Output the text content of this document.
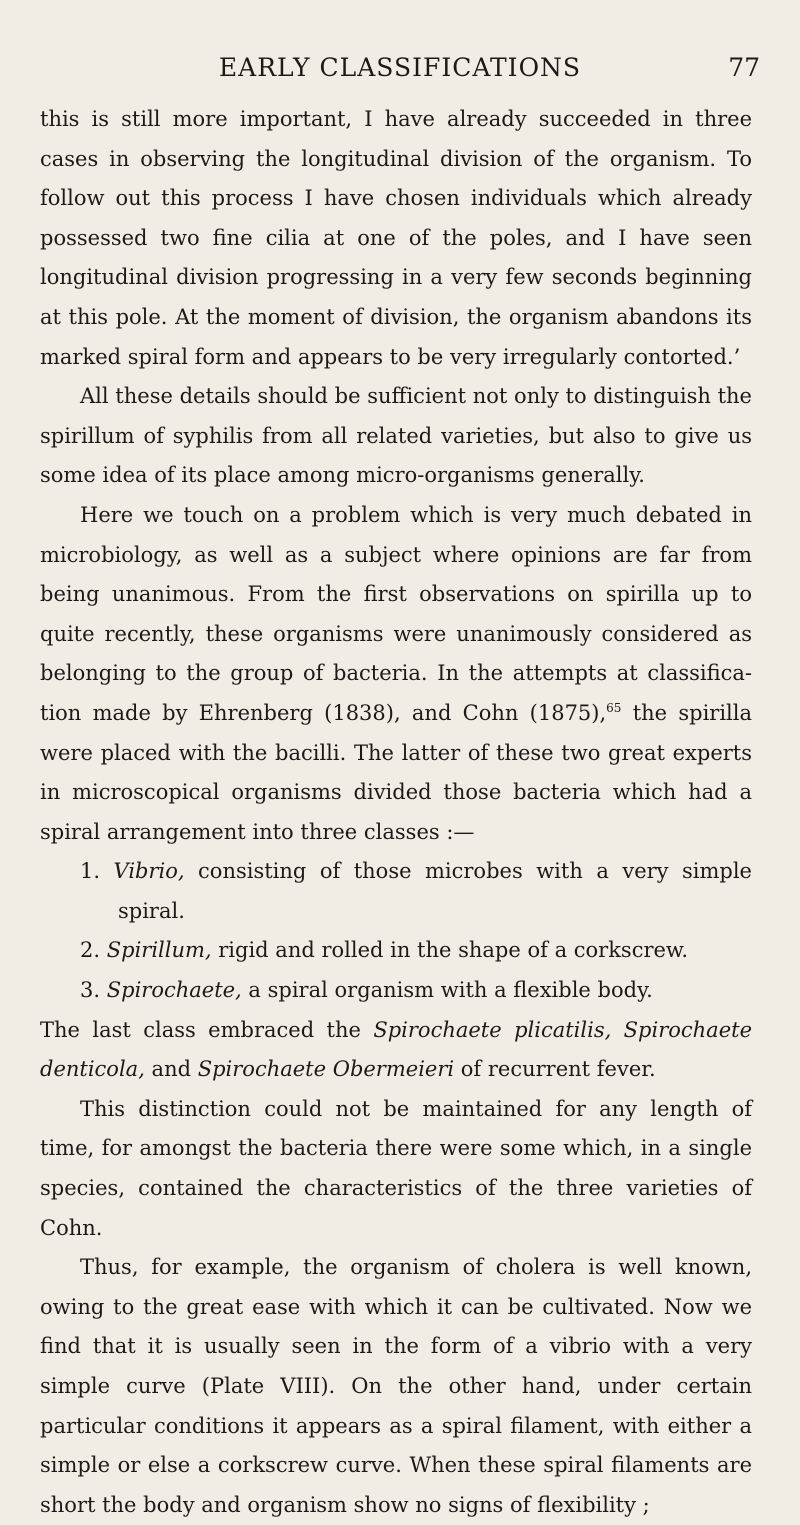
EARLY CLASSIFICATIONS	77

this is still more important, I have already succeeded in three cases in observing the longitudinal division of the organism. To follow out this process I have chosen individuals which already possessed two fine cilia at one of the poles, and I have seen longitudinal division progressing in a very few seconds beginning at this pole. At the moment of division, the organism abandons its marked spiral form and appears to be very irregularly contorted.’

All these details should be sufficient not only to distinguish the spirillum of syphilis from all related varieties, but also to give us some idea of its place among micro-organisms generally.

Here we touch on a problem which is very much debated in microbiology, as well as a subject where opinions are far from being unanimous. From the first observations on spirilla up to quite recently, these organisms were unanimously considered as belonging to the group of bacteria. In the attempts at classifica-tion made by Ehrenberg (1838), and Cohn (1875),$^{65}$ the spirilla were placed with the bacilli. The latter of these two great experts in microscopical organisms divided those bacteria which had a spiral arrangement into three classes :—

1. Vibrio, consisting of those microbes with a very simple spiral.

2. Spirillum, rigid and rolled in the shape of a corkscrew.

3. Spirochaete, a spiral organism with a flexible body.

The last class embraced the Spirochaete plicatilis, Spirochaete denticola, and Spirochaete Obermeieri of recurrent fever.

This distinction could not be maintained for any length of time, for amongst the bacteria there were some which, in a single species, contained the characteristics of the three varieties of Cohn.

Thus, for example, the organism of cholera is well known, owing to the great ease with which it can be cultivated. Now we find that it is usually seen in the form of a vibrio with a very simple curve (Plate VIII). On the other hand, under certain particular conditions it appears as a spiral filament, with either a simple or else a corkscrew curve. When these spiral filaments are short the body and organism show no signs of flexibility ;
